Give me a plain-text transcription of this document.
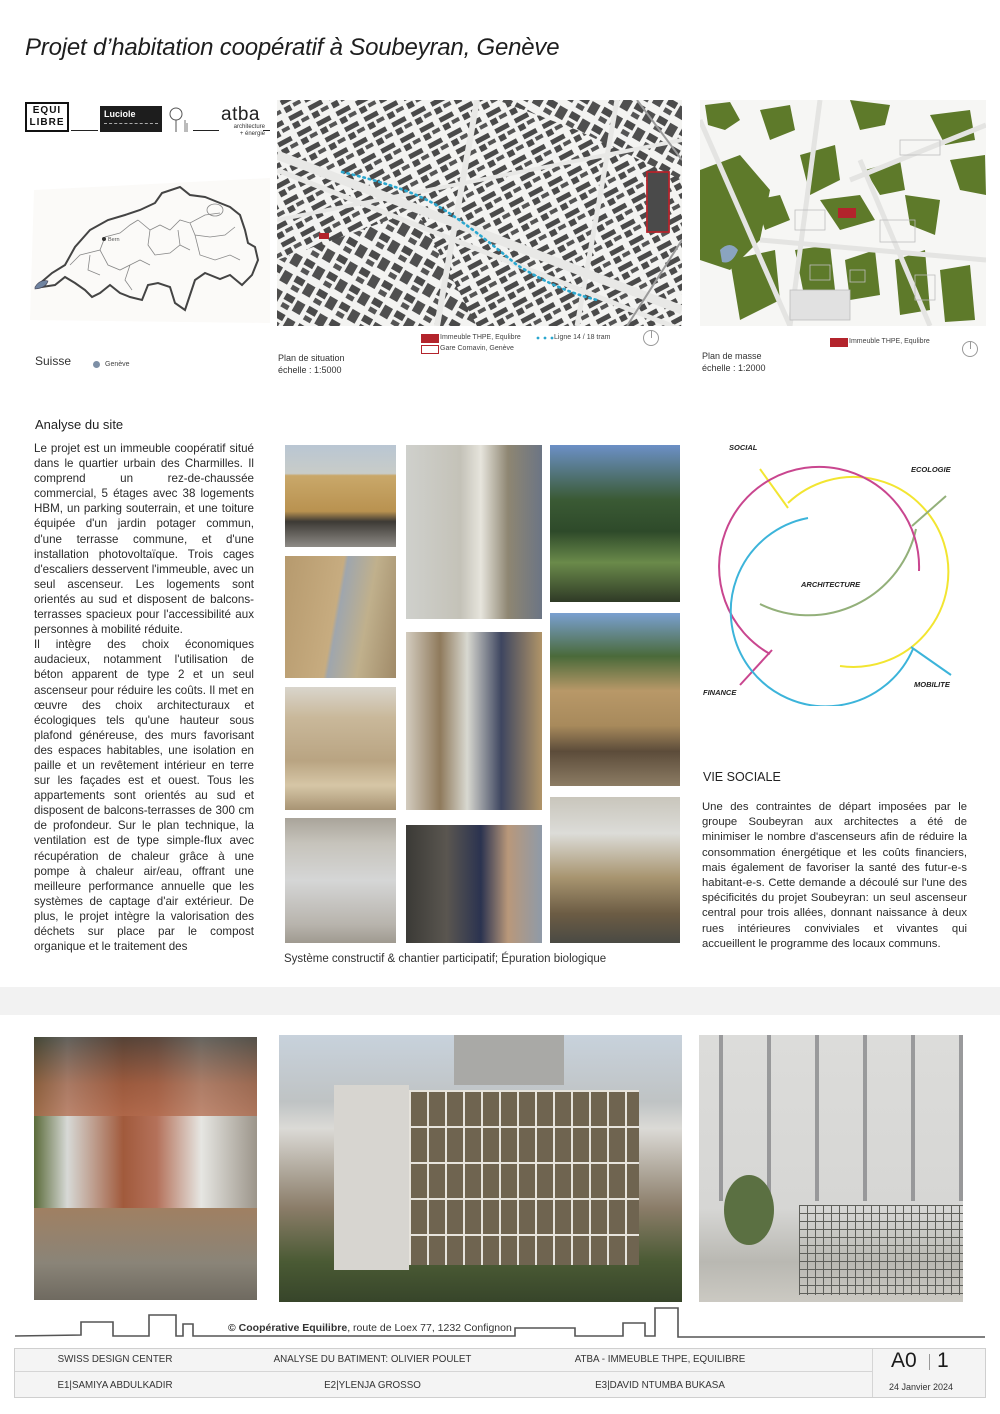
Projet d’habitation coopératif à Soubeyran, Genève
EQUI LIBRE
Luciole	atba
architecture + énergie
Bern
Suisse	Genève
Immeuble THPE, Equlibre
Gare Cornavin, Genève
Ligne 14 / 18 tram
Plan de situation
échelle : 1:5000
Immeuble THPE, Equlibre
Plan de masse
échelle : 1:2000
Analyse du site

Le projet est un immeuble coopératif situé dans le quartier urbain des Charmilles. Il comprend un rez-de-chaussée commercial, 5 étages avec 38 logements HBM, un parking souterrain, et une toiture équipée d'un jardin potager commun, d'une terrasse commune, et d'une installation photovoltaïque. Trois cages d'escaliers desservent l'immeuble, avec un seul ascenseur. Les logements sont orientés au sud et disposent de balcons-terrasses spacieux pour l'accessibilité aux personnes à mobilité réduite.

Il intègre des choix économiques audacieux, notamment l'utilisation de béton apparent de type 2 et un seul ascenseur pour réduire les coûts. Il met en œuvre des choix architecturaux et écologiques tels qu'une hauteur sous plafond généreuse, des murs favorisant des espaces habitables, une isolation en paille et un revêtement intérieur en terre sur les façades est et ouest. Tous les appartements sont orientés au sud et disposent de balcons-terrasses de 300 cm de profondeur. Sur le plan technique, la ventilation est de type simple-flux avec récupération de chaleur grâce à une pompe à chaleur air/eau, offrant une meilleure performance annuelle que les systèmes de captage d'air extérieur. De plus, le projet intègre la valorisation des déchets sur place par le compost organique et le traitement des

Système constructif & chantier participatif; Épuration biologique
SOCIAL
ECOLOGIE
ARCHITECTURE
MOBILITE
FINANCE
VIE SOCIALE
Une des contraintes de départ imposées par le groupe Soubeyran aux architectes a été de minimiser le nombre d'ascenseurs afin de réduire la consommation énergétique et les coûts financiers, mais également de favoriser la santé des futur-e-s habitant-e-s. Cette demande a découlé sur l'une des spécificités du projet Soubeyran: un seul ascenseur central pour trois allées, donnant naissance à deux rues intérieures conviviales et vivantes qui accueillent le programme des locaux communs.
© Coopérative Equilibre, route de Loex 77, 1232 Confignon
SWISS DESIGN CENTER	ANALYSE DU BATIMENT: OLIVIER POULET	ATBA - IMMEUBLE THPE, EQUILIBRE
E1|SAMIYA ABDULKADIR	E2|YLENJA GROSSO	E3|DAVID NTUMBA BUKASA
A0 1
24 Janvier 2024
